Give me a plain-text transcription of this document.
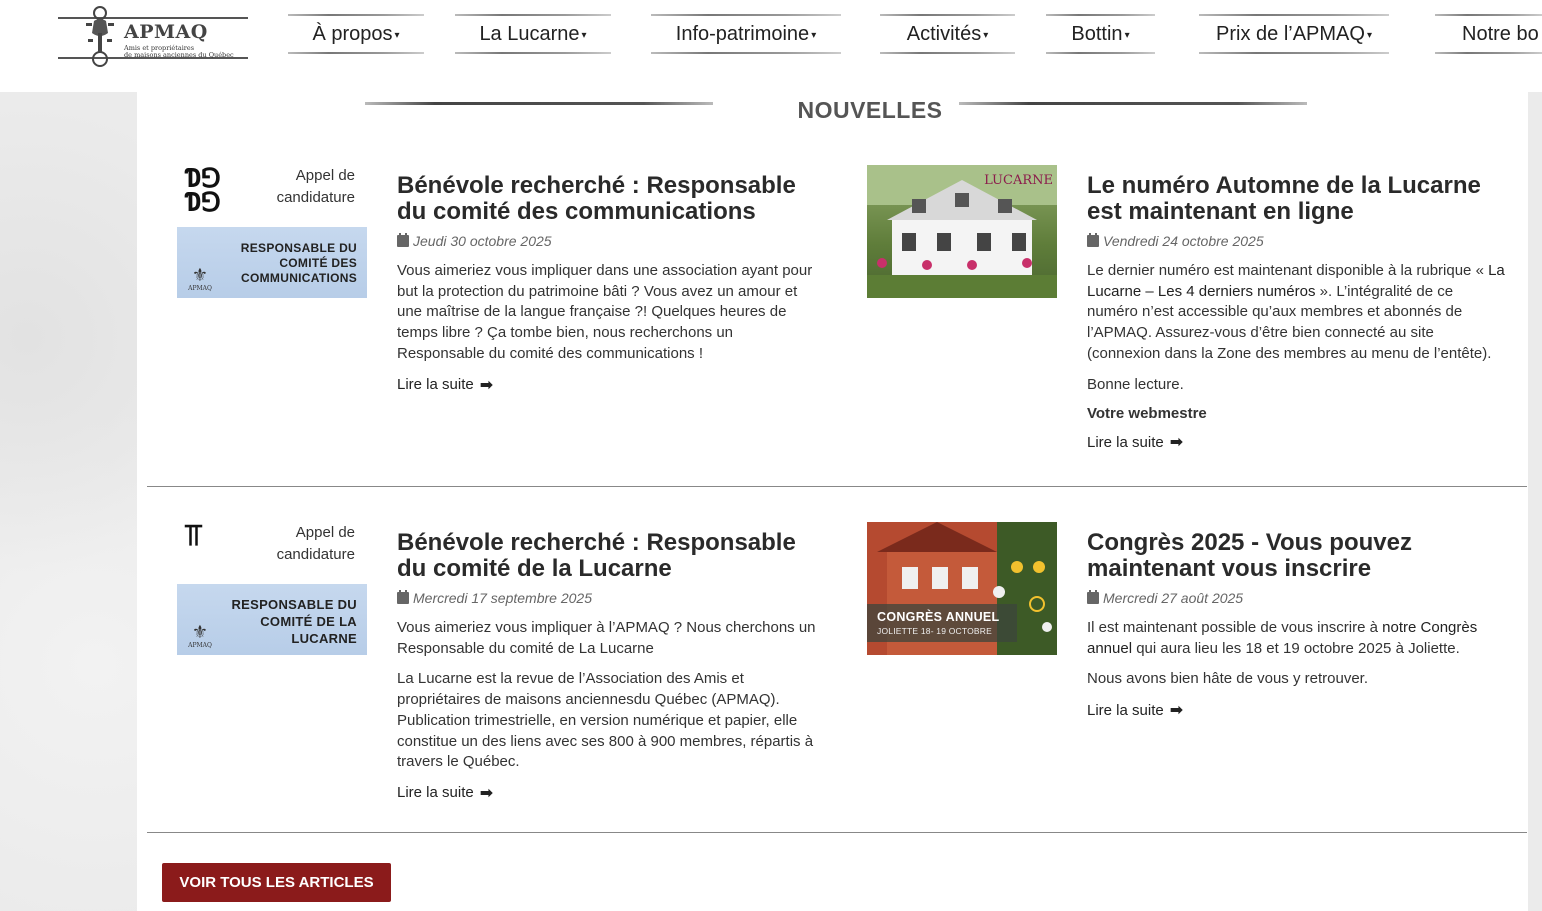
APMAQ
Amis et propriétaires
de maisons anciennes du Québec
À propos ▾	La Lucarne ▾	Info-patrimoine ▾	Activités ▾	Bottin ▾	Prix de l’APMAQ ▾	Notre bo
NOUVELLES
Ɗ⅁
Ɗ⅁
Appel de
candidature
RESPONSABLE DU
COMITÉ DES
COMMUNICATIONS
⚜
APMAQ
Bénévole recherché : Responsable du comité des communications
Jeudi 30 octobre 2025
Vous aimeriez vous impliquer dans une association ayant pour but la protection du patrimoine bâti ? Vous avez un amour et une maîtrise de la langue française ?! Quelques heures de temps libre ? Ça tombe bien, nous recherchons un Responsable du comité des communications !
Lire la suite ➡
LUCARNE Le numéro Automne de la Lucarne est maintenant en ligne
Vendredi 24 octobre 2025
Le dernier numéro est maintenant disponible à la rubrique « La Lucarne – Les 4 derniers numéros ». L’intégralité de ce numéro n’est accessible qu’aux membres et abonnés de l’APMAQ. Assurez-vous d’être bien connecté au site (connexion dans la Zone des membres au menu de l’entête).
Bonne lecture.
Votre webmestre
Lire la suite ➡
⫪	Appel de
candidature
RESPONSABLE DU
COMITÉ DE LA
LUCARNE
⚜
APMAQ
Bénévole recherché : Responsable du comité de la Lucarne
Mercredi 17 septembre 2025
Vous aimeriez vous impliquer à l’APMAQ ? Nous cherchons un Responsable du comité de La Lucarne
La Lucarne est la revue de l’Association des Amis et propriétaires de maisons anciennesdu Québec (APMAQ). Publication trimestrielle, en version numérique et papier, elle constitue un des liens avec ses 800 à 900 membres, répartis à travers le Québec.
Lire la suite ➡
CONGRÈS ANNUEL
JOLIETTE 18- 19 OCTOBRE
Congrès 2025 - Vous pouvez maintenant vous inscrire
Mercredi 27 août 2025
Il est maintenant possible de vous inscrire à notre Congrès annuel qui aura lieu les 18 et 19 octobre 2025 à Joliette.
Nous avons bien hâte de vous y retrouver.
Lire la suite ➡
VOIR TOUS LES ARTICLES
